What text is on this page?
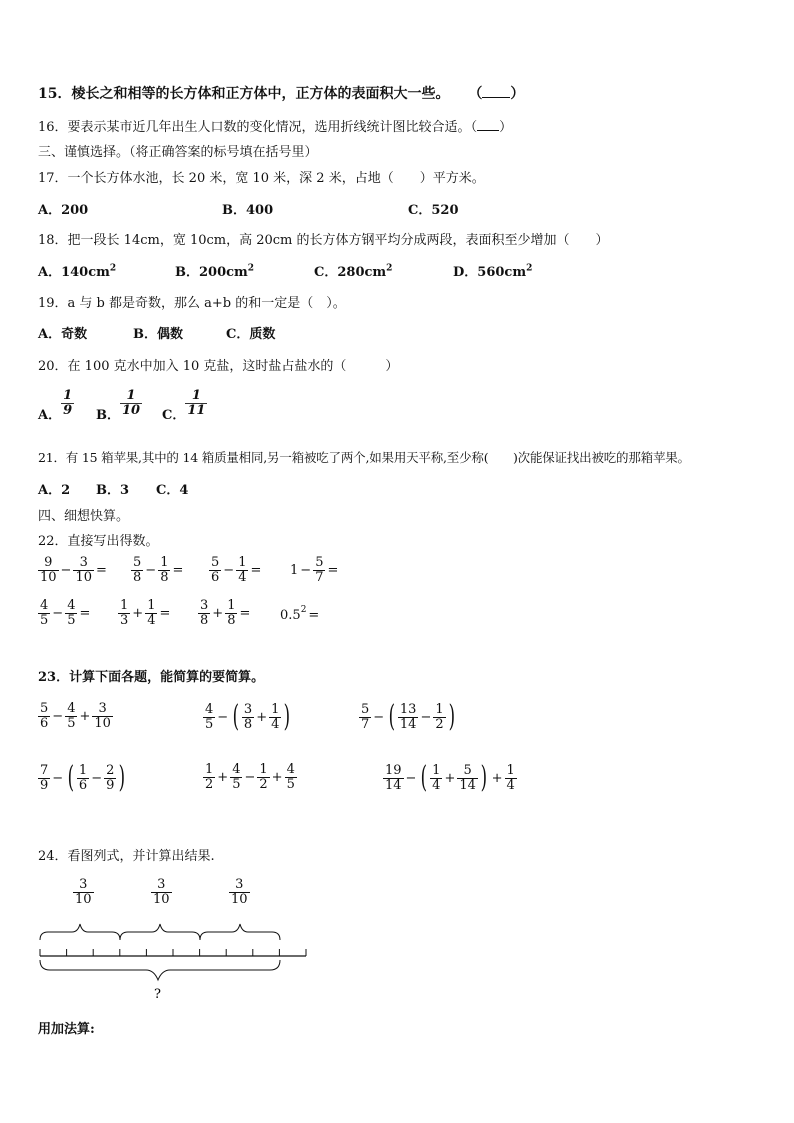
15．棱长之和相等的长方体和正方体中，正方体的表面积大一些。 （ ）
16．要表示某市近几年出生人口数的变化情况，选用折线统计图比较合适。（ ）
三、谨慎选择。（将正确答案的标号填在括号里）
17．一个长方体水池，长 20 米，宽 10 米，深 2 米，占地（　　）平方米。
A．200	B．400	C．520
18．把一段长 14cm，宽 10cm，高 20cm 的长方体方钢平均分成两段，表面积至少增加（　　）
A．$140cm^2$	B．$200cm^2$	C．$280cm^2$	D．$560cm^2$
19．a 与 b 都是奇数，那么 a+b 的和一定是（　）。
A．奇数	B．偶数	C．质数
20．在 100 克水中加入 10 克盐，这时盐占盐水的（　　　）
A． $\frac{1}{9}$ B． $\frac{1}{10}$ C． $\frac{1}{11}$
21．有 15 箱苹果,其中的 14 箱质量相同,另一箱被吃了两个,如果用天平称,至少称(　　)次能保证找出被吃的那箱苹果。
A．2 B．3 C．4
四、细想快算。
22．直接写出得数。
$\frac{9}{10} - \frac{3}{10} = \frac{5}{8} - \frac{1}{8} = \frac{5}{6} - \frac{1}{4} = 1 - \frac{5}{7}$ =
$\frac{4}{5} - \frac{4}{5} = \frac{1}{3} + \frac{1}{4} = \frac{3}{8} + \frac{1}{8} = 0.5^2$ =
23．计算下面各题，能简算的要简算。
$\frac{5}{6} - \frac{4}{5} + \frac{3}{10}$	$\frac{4}{5}$ − ( $\frac{3}{8} + \frac{1}{4}$ )	$\frac{5}{7}$ − ( $\frac{13}{14} - \frac{1}{2}$ )
$\frac{7}{9}$ − ( $\frac{1}{6} - \frac{2}{9}$ )	$\frac{1}{2} + \frac{4}{5} - \frac{1}{2} + \frac{4}{5}$	$\frac{19}{14}$ − ( $\frac{1}{4} + \frac{5}{14}$ ) + $\frac{1}{4}$
24．看图列式，并计算出结果.
$\frac{3}{10}$	$\frac{3}{10}$	$\frac{3}{10}$
?
用加法算:
